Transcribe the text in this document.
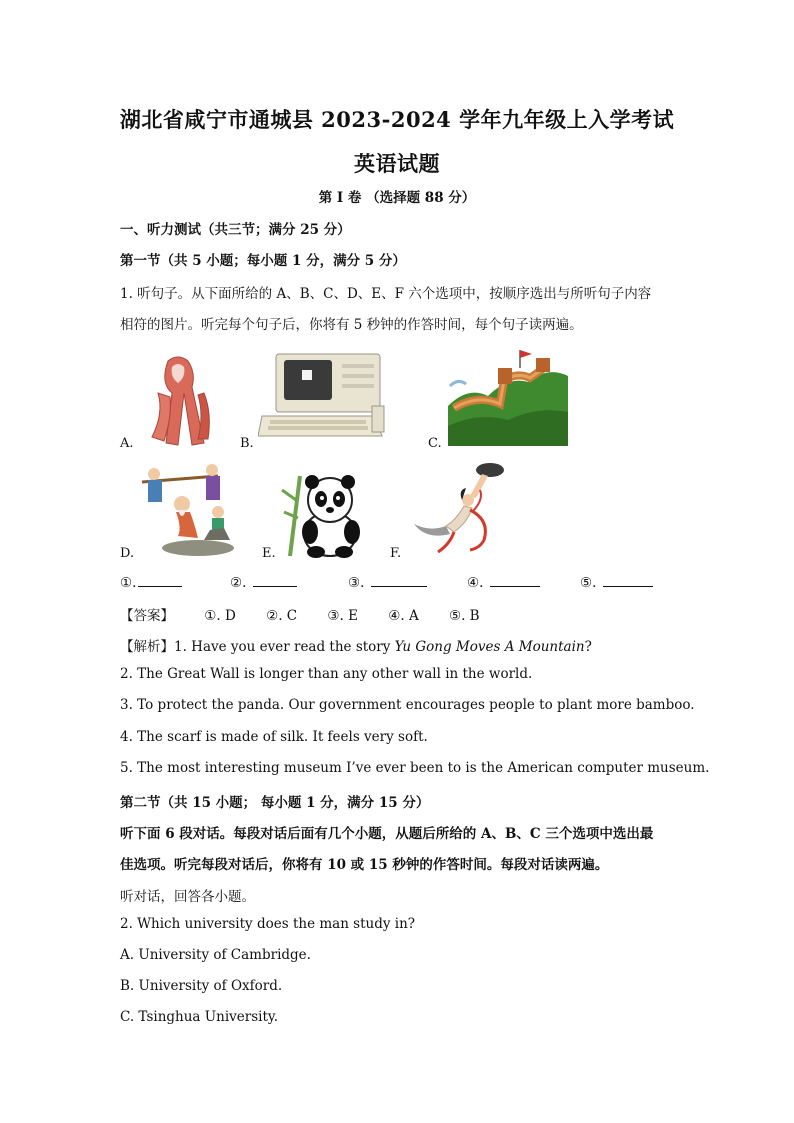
湖北省咸宁市通城县 2023-2024 学年九年级上入学考试
英语试题
第 I 卷 （选择题 88 分）
一、听力测试（共三节；满分 25 分）
第一节（共 5 小题；每小题 1 分，满分 5 分）
1. 听句子。从下面所给的 A、B、C、D、E、F 六个选项中，按顺序选出与所听句子内容
相符的图片。听完每个句子后，你将有 5 秒钟的作答时间，每个句子读两遍。
A.	B.	C.
D.	E.	F.
①.	②.	③.	④.	⑤.
【答案】 ①. D ②. C ③. E ④. A ⑤. B
【解析】1. Have you ever read the story Yu Gong Moves A Mountain?
2. The Great Wall is longer than any other wall in the world.
3. To protect the panda. Our government encourages people to plant more bamboo.
4. The scarf is made of silk. It feels very soft.
5. The most interesting museum I’ve ever been to is the American computer museum.
第二节（共 15 小题； 每小题 1 分，满分 15 分）
听下面 6 段对话。每段对话后面有几个小题，从题后所给的 A、B、C 三个选项中选出最
佳选项。听完每段对话后，你将有 10 或 15 秒钟的作答时间。每段对话读两遍。
听对话，回答各小题。
2. Which university does the man study in?
A. University of Cambridge.
B. University of Oxford.
C. Tsinghua University.
